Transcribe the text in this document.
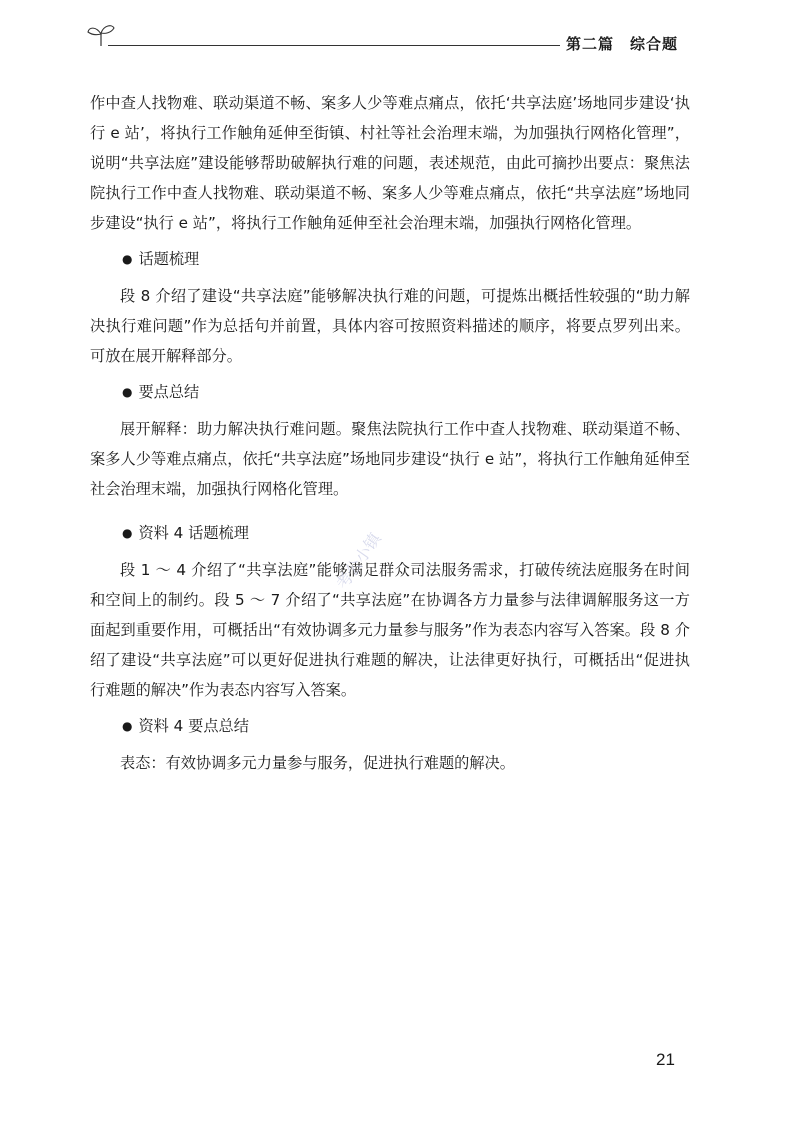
第二篇　综合题

作中查人找物难、联动渠道不畅、案多人少等难点痛点，依托‘共享法庭’场地同步建设‘执行 e 站’，将执行工作触角延伸至街镇、村社等社会治理末端，为加强执行网格化管理”，说明“共享法庭”建设能够帮助破解执行难的问题，表述规范，由此可摘抄出要点：聚焦法院执行工作中查人找物难、联动渠道不畅、案多人少等难点痛点，依托“共享法庭”场地同步建设“执行 e 站”，将执行工作触角延伸至社会治理末端，加强执行网格化管理。

● 话题梳理

段 8 介绍了建设“共享法庭”能够解决执行难的问题，可提炼出概括性较强的“助力解决执行难问题”作为总括句并前置，具体内容可按照资料描述的顺序，将要点罗列出来。可放在展开解释部分。

● 要点总结

展开解释：助力解决执行难问题。聚焦法院执行工作中查人找物难、联动渠道不畅、案多人少等难点痛点，依托“共享法庭”场地同步建设“执行 e 站”，将执行工作触角延伸至社会治理末端，加强执行网格化管理。

● 资料 4 话题梳理

段 1 ～ 4 介绍了“共享法庭”能够满足群众司法服务需求，打破传统法庭服务在时间和空间上的制约。段 5 ～ 7 介绍了“共享法庭”在协调各方力量参与法律调解服务这一方面起到重要作用，可概括出“有效协调多元力量参与服务”作为表态内容写入答案。段 8 介绍了建设“共享法庭”可以更好促进执行难题的解决，让法律更好执行，可概括出“促进执行难题的解决”作为表态内容写入答案。

● 资料 4 要点总结

表态：有效协调多元力量参与服务，促进执行难题的解决。

考公小镇
21
